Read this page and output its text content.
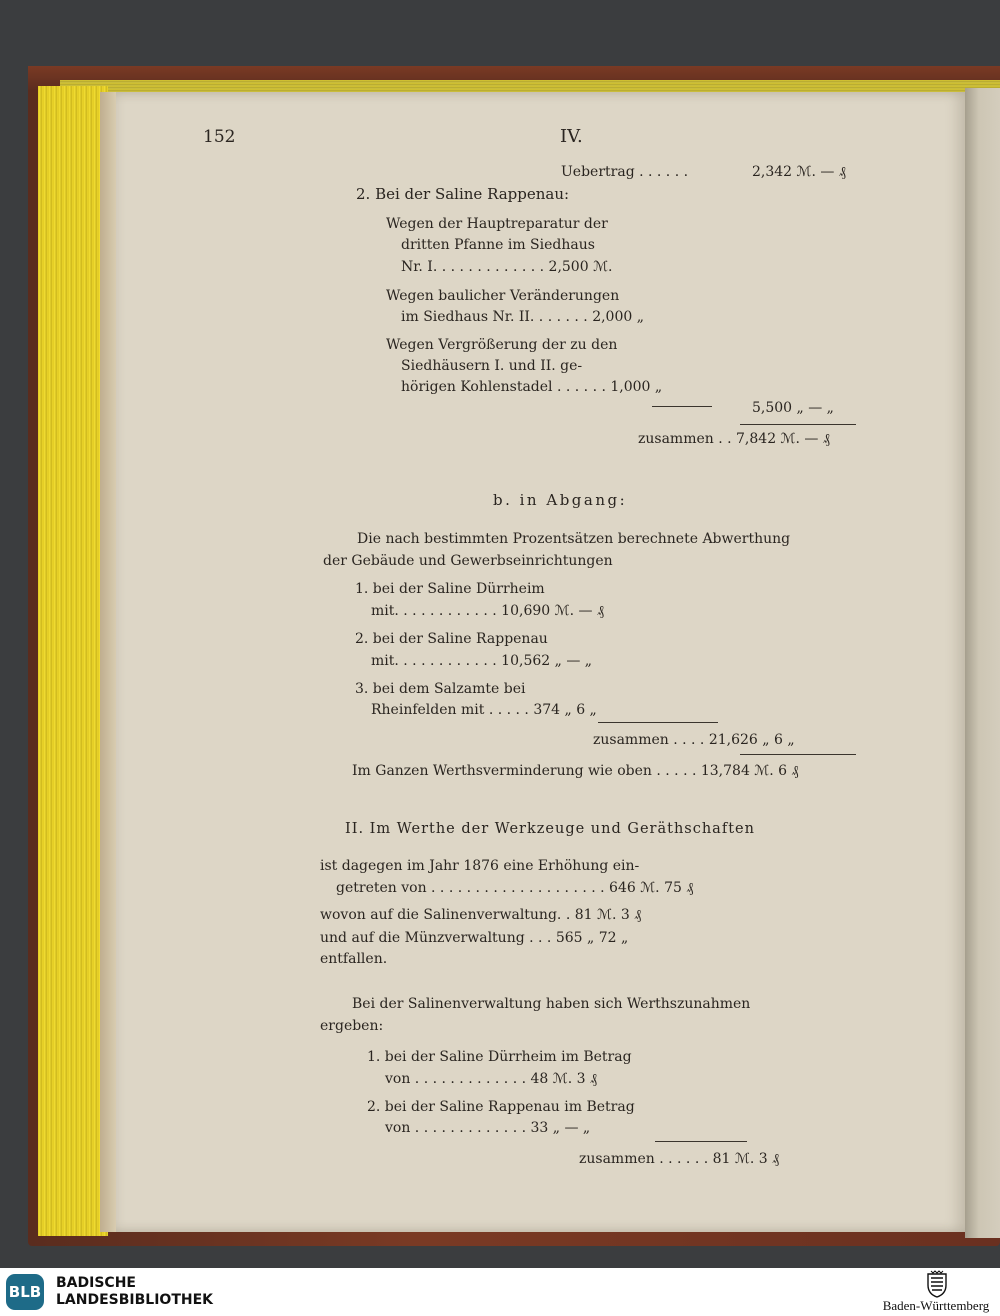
152	IV.
Uebertrag . . . . . .	2,342 ℳ. — ₰
2. Bei der Saline Rappenau:
Wegen der Hauptreparatur der
dritten Pfanne im Siedhaus
Nr. I. . . . . . . . . . . . . 2,500 ℳ.
Wegen baulicher Veränderungen
im Siedhaus Nr. II. . . . . . . 2,000 „
Wegen Vergrößerung der zu den
Siedhäusern I. und II. ge-
hörigen Kohlenstadel . . . . . . 1,000 „
5,500 „ — „
zusammen . . 7,842 ℳ. — ₰
b. in Abgang:
Die nach bestimmten Prozentsätzen berechnete Abwerthung
der Gebäude und Gewerbseinrichtungen
1. bei der Saline Dürrheim
mit. . . . . . . . . . . . 10,690 ℳ. — ₰
2. bei der Saline Rappenau
mit. . . . . . . . . . . . 10,562 „ — „
3. bei dem Salzamte bei
Rheinfelden mit . . . . . 374 „ 6 „
zusammen . . . . 21,626 „ 6 „
Im Ganzen Werthsverminderung wie oben . . . . . 13,784 ℳ. 6 ₰
II. Im Werthe der Werkzeuge und Geräthschaften
ist dagegen im Jahr 1876 eine Erhöhung ein-
getreten von . . . . . . . . . . . . . . . . . . . . 646 ℳ. 75 ₰
wovon auf die Salinenverwaltung. . 81 ℳ. 3 ₰
und auf die Münzverwaltung . . . 565 „ 72 „
entfallen.
Bei der Salinenverwaltung haben sich Werthszunahmen
ergeben:
1. bei der Saline Dürrheim im Betrag
von . . . . . . . . . . . . . 48 ℳ. 3 ₰
2. bei der Saline Rappenau im Betrag
von . . . . . . . . . . . . . 33 „ — „
zusammen . . . . . . 81 ℳ. 3 ₰
BLB BADISCHE
LANDESBIBLIOTHEK	Baden-Württemberg
